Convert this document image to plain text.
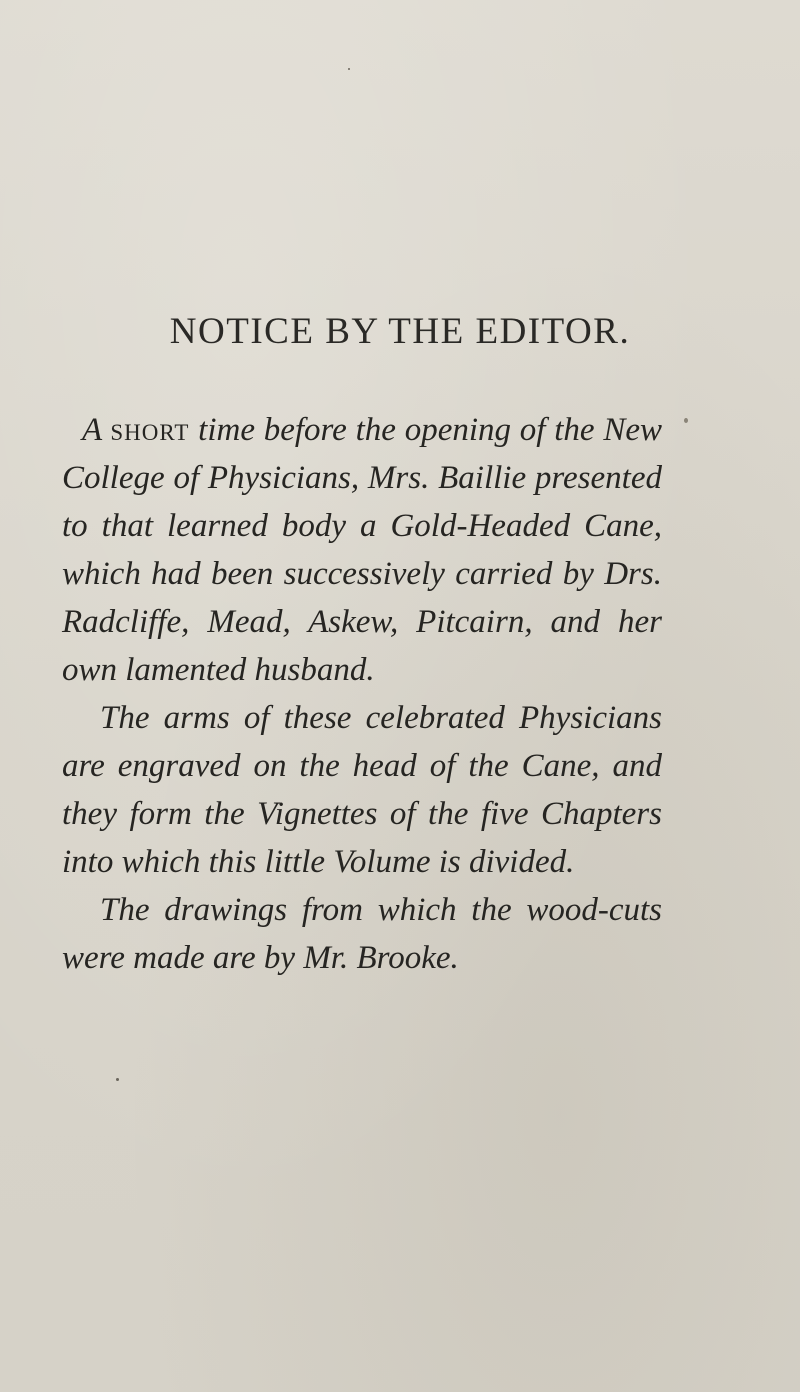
NOTICE BY THE EDITOR.

A short time before the opening of the New College of Physicians, Mrs. Baillie presented to that learned body a Gold-Headed Cane, which had been successively carried by Drs. Radcliffe, Mead, Askew, Pitcairn, and her own lamented husband.

The arms of these celebrated Physicians are engraved on the head of the Cane, and they form the Vignettes of the five Chapters into which this little Volume is divided.

The drawings from which the wood-cuts were made are by Mr. Brooke.
